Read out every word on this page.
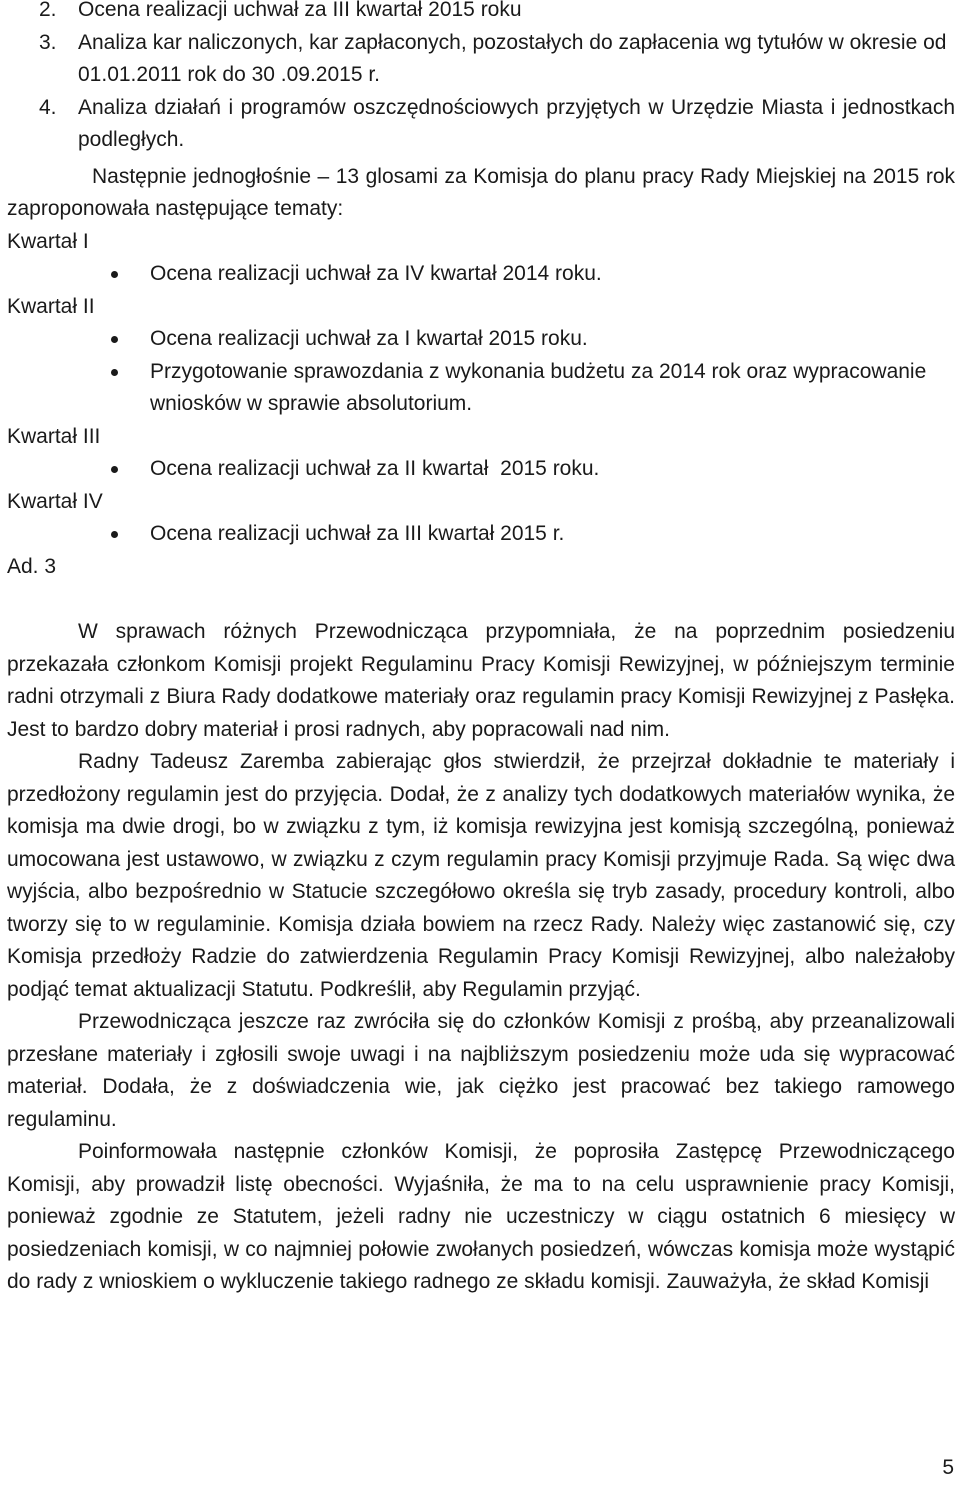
2. Ocena realizacji uchwał za III kwartał 2015 roku
3. Analiza kar naliczonych, kar zapłaconych, pozostałych do zapłacenia wg tytułów w okresie od 01.01.2011 rok do 30 .09.2015 r.
4. Analiza działań i programów oszczędnościowych przyjętych w Urzędzie Miasta i jednostkach podległych.
Następnie jednogłośnie – 13 glosami za Komisja do planu pracy Rady Miejskiej na 2015 rok zaproponowała następujące tematy:
Kwartał I
Ocena realizacji uchwał za IV kwartał 2014 roku.
Kwartał II
Ocena realizacji uchwał za I kwartał 2015 roku.
Przygotowanie sprawozdania z wykonania budżetu za 2014 rok oraz wypracowanie wniosków w sprawie absolutorium.
Kwartał III
Ocena realizacji uchwał za II kwartał  2015 roku.
Kwartał IV
Ocena realizacji uchwał za III kwartał 2015 r.
Ad. 3
W sprawach różnych Przewodnicząca przypomniała, że na poprzednim posiedzeniu przekazała członkom Komisji projekt Regulaminu Pracy Komisji Rewizyjnej, w późniejszym terminie radni otrzymali z Biura Rady dodatkowe materiały oraz regulamin pracy Komisji Rewizyjnej z Pasłęka. Jest to bardzo dobry materiał i prosi radnych, aby popracowali nad nim.
Radny Tadeusz Zaremba zabierając głos stwierdził, że przejrzał dokładnie te materiały i przedłożony regulamin jest do przyjęcia. Dodał, że z analizy tych dodatkowych materiałów wynika, że komisja ma dwie drogi, bo w związku z tym, iż komisja rewizyjna jest komisją szczególną, ponieważ umocowana jest ustawowo, w związku z czym regulamin pracy Komisji przyjmuje Rada. Są więc dwa wyjścia, albo bezpośrednio w Statucie szczegółowo określa się tryb zasady, procedury kontroli, albo tworzy się to w regulaminie. Komisja działa bowiem na rzecz Rady. Należy więc zastanowić się, czy Komisja przedłoży Radzie do zatwierdzenia Regulamin Pracy Komisji Rewizyjnej, albo należałoby podjąć temat aktualizacji Statutu. Podkreślił, aby Regulamin przyjąć.
Przewodnicząca jeszcze raz zwróciła się do członków Komisji z prośbą, aby przeanalizowali przesłane materiały i zgłosili swoje uwagi i na najbliższym posiedzeniu może uda się wypracować materiał. Dodała, że z doświadczenia wie, jak ciężko jest pracować bez takiego ramowego regulaminu.
Poinformowała następnie członków Komisji, że poprosiła Zastępcę Przewodniczącego Komisji, aby prowadził listę obecności. Wyjaśniła, że ma to na celu usprawnienie pracy Komisji, ponieważ zgodnie ze Statutem, jeżeli radny nie uczestniczy w ciągu ostatnich 6 miesięcy w posiedzeniach komisji, w co najmniej połowie zwołanych posiedzeń, wówczas komisja może wystąpić do rady z wnioskiem o wykluczenie takiego radnego ze składu komisji. Zauważyła, że skład Komisji
5
